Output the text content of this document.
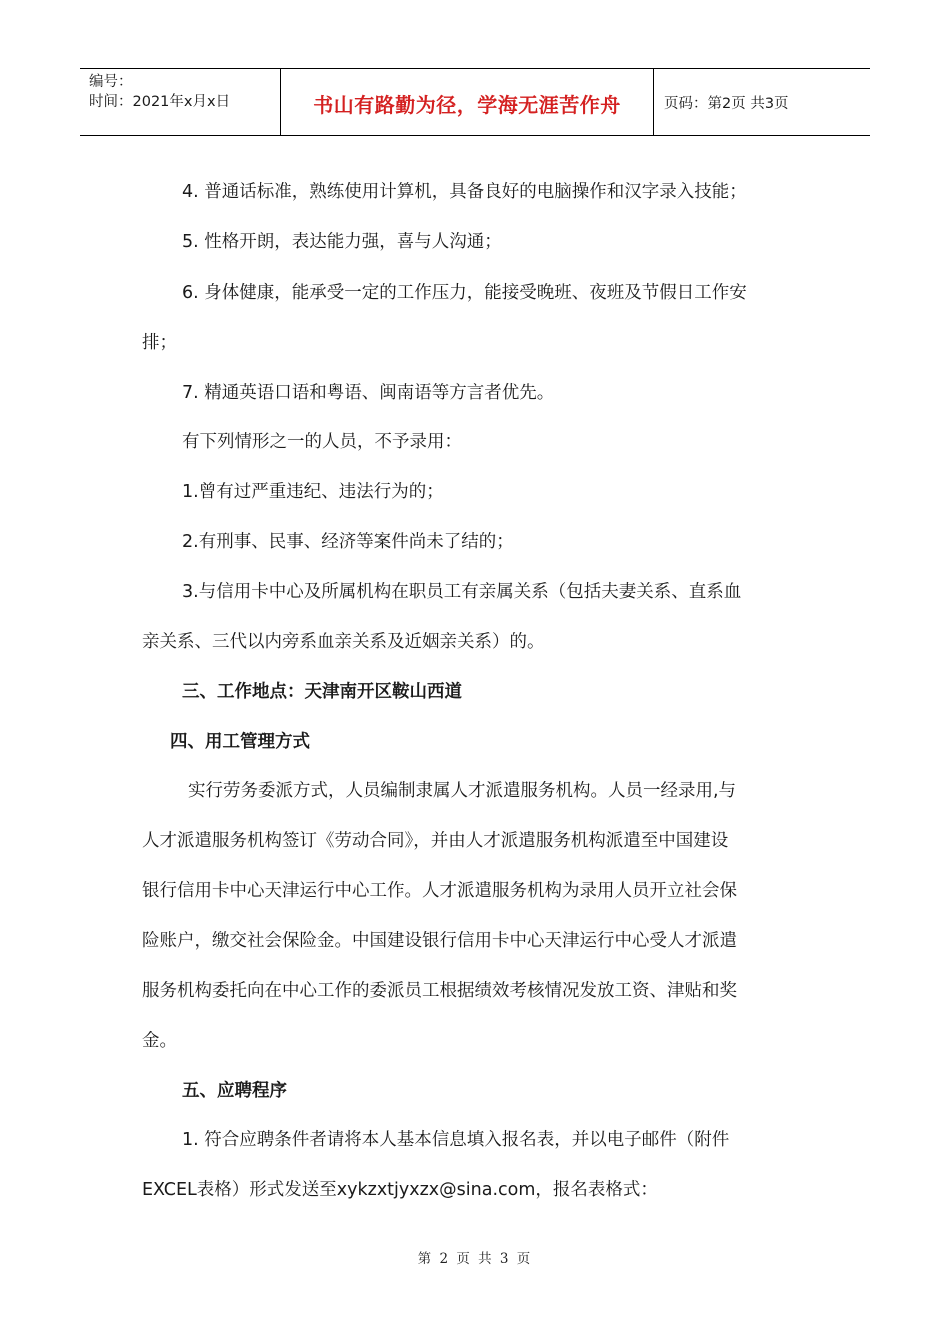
编号：
时间：2021年x月x日	书山有路勤为径，学海无涯苦作舟	页码：第2页 共3页
4. 普通话标准，熟练使用计算机，具备良好的电脑操作和汉字录入技能；
5. 性格开朗，表达能力强，喜与人沟通；
6. 身体健康，能承受一定的工作压力，能接受晚班、夜班及节假日工作安
排；
7. 精通英语口语和粤语、闽南语等方言者优先。
有下列情形之一的人员，不予录用：
1.曾有过严重违纪、违法行为的；
2.有刑事、民事、经济等案件尚未了结的；
3.与信用卡中心及所属机构在职员工有亲属关系（包括夫妻关系、直系血
亲关系、三代以内旁系血亲关系及近姻亲关系）的。
三、工作地点：天津南开区鞍山西道
四、用工管理方式
实行劳务委派方式，人员编制隶属人才派遣服务机构。人员一经录用,与
人才派遣服务机构签订《劳动合同》，并由人才派遣服务机构派遣至中国建设
银行信用卡中心天津运行中心工作。人才派遣服务机构为录用人员开立社会保
险账户，缴交社会保险金。中国建设银行信用卡中心天津运行中心受人才派遣
服务机构委托向在中心工作的委派员工根据绩效考核情况发放工资、津贴和奖
金。
五、应聘程序
1. 符合应聘条件者请将本人基本信息填入报名表，并以电子邮件（附件
EXCEL表格）形式发送至xykzxtjyxzx@sina.com，报名表格式：
第 2 页 共 3 页
